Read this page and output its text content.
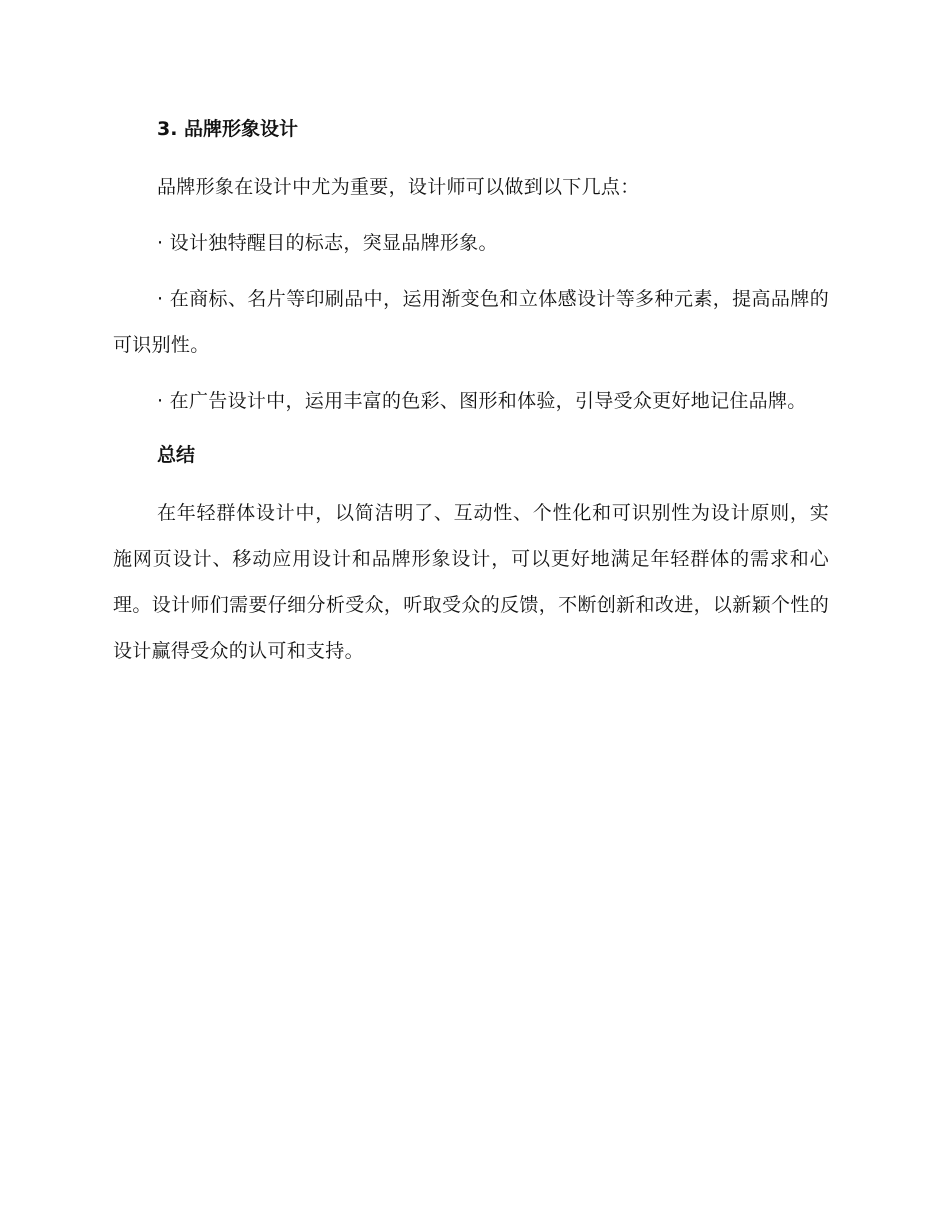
3. 品牌形象设计

品牌形象在设计中尤为重要，设计师可以做到以下几点：

· 设计独特醒目的标志，突显品牌形象。

· 在商标、名片等印刷品中，运用渐变色和立体感设计等多种元素，提高品牌的可识别性。

· 在广告设计中，运用丰富的色彩、图形和体验，引导受众更好地记住品牌。

总结

在年轻群体设计中，以简洁明了、互动性、个性化和可识别性为设计原则，实施网页设计、移动应用设计和品牌形象设计，可以更好地满足年轻群体的需求和心理。设计师们需要仔细分析受众，听取受众的反馈，不断创新和改进，以新颖个性的设计赢得受众的认可和支持。
